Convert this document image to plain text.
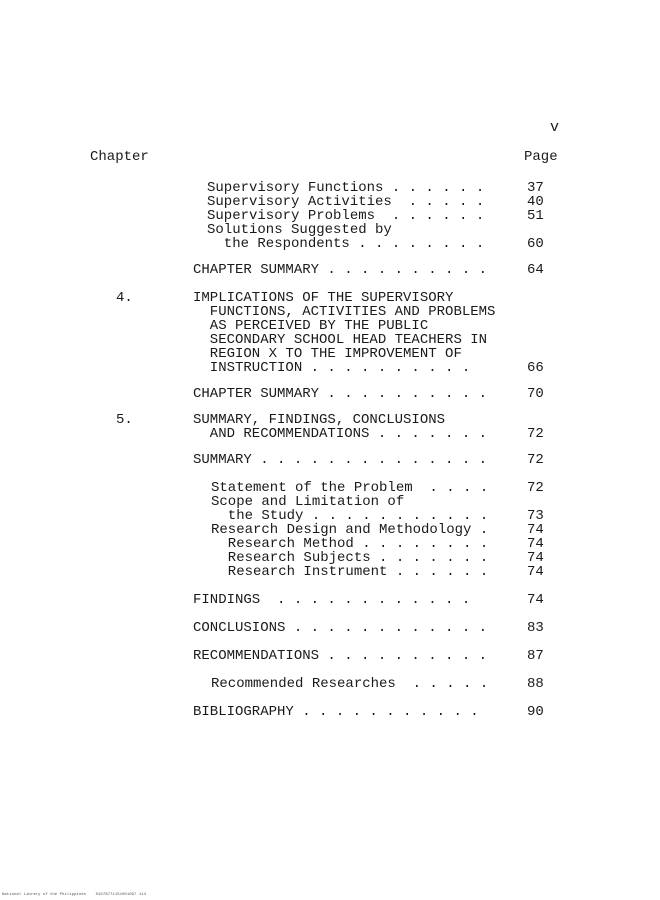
v
Chapter	Page
Supervisory Functions . . . . . .	37
Supervisory Activities  . . . . .	40
Supervisory Problems  . . . . . .	51
Solutions Suggested by
the Respondents . . . . . . . .	60
CHAPTER SUMMARY . . . . . . . . . .	64
4.	IMPLICATIONS OF THE SUPERVISORY
FUNCTIONS, ACTIVITIES AND PROBLEMS
AS PERCEIVED BY THE PUBLIC
SECONDARY SCHOOL HEAD TEACHERS IN
REGION X TO THE IMPROVEMENT OF
INSTRUCTION . . . . . . . . . .	66
CHAPTER SUMMARY . . . . . . . . . .	70
5.	SUMMARY, FINDINGS, CONCLUSIONS
AND RECOMMENDATIONS . . . . . . .	72
SUMMARY . . . . . . . . . . . . . .	72
Statement of the Problem  . . . .	72
Scope and Limitation of
the Study . . . . . . . . . . .	73
Research Design and Methodology .	74
Research Method . . . . . . . .	74
Research Subjects . . . . . . .	74
Research Instrument . . . . . .	74
FINDINGS  . . . . . . . . . . . .	74
CONCLUSIONS . . . . . . . . . . . .	83
RECOMMENDATIONS . . . . . . . . . .	87
Recommended Researches  . . . . .	88
BIBLIOGRAPHY . . . . . . . . . . .	90
National Library of the Philippines    0107877115100109? 114
